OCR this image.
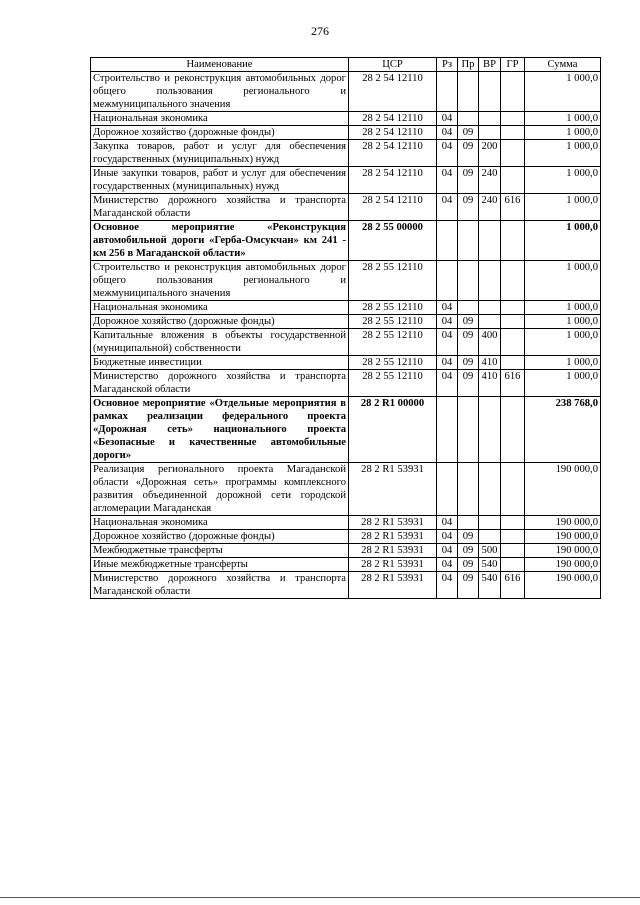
276
Наименование	ЦСР	Рз	Пр	ВР	ГР	Сумма
Строительство и реконструкция автомобильных дорог общего пользования регионального и межмуниципального значения	28 2 54 12110					1 000,0
Национальная экономика	28 2 54 12110	04				1 000,0
Дорожное хозяйство (дорожные фонды)	28 2 54 12110	04	09			1 000,0
Закупка товаров, работ и услуг для обеспечения государственных (муниципальных) нужд	28 2 54 12110	04	09	200		1 000,0
Иные закупки товаров, работ и услуг для обеспечения государственных (муниципальных) нужд	28 2 54 12110	04	09	240		1 000,0
Министерство дорожного хозяйства и транспорта Магаданской области	28 2 54 12110	04	09	240	616	1 000,0
Основное мероприятие «Реконструкция автомобильной дороги «Герба-Омсукчан» км 241 - км 256 в Магаданской области»	28 2 55 00000					1 000,0
Строительство и реконструкция автомобильных дорог общего пользования регионального и межмуниципального значения	28 2 55 12110					1 000,0
Национальная экономика	28 2 55 12110	04				1 000,0
Дорожное хозяйство (дорожные фонды)	28 2 55 12110	04	09			1 000,0
Капитальные вложения в объекты государственной (муниципальной) собственности	28 2 55 12110	04	09	400		1 000,0
Бюджетные инвестиции	28 2 55 12110	04	09	410		1 000,0
Министерство дорожного хозяйства и транспорта Магаданской области	28 2 55 12110	04	09	410	616	1 000,0
Основное мероприятие «Отдельные мероприятия в рамках реализации федерального проекта «Дорожная сеть» национального проекта «Безопасные и качественные автомобильные дороги»	28 2 R1 00000					238 768,0
Реализация регионального проекта Магаданской области «Дорожная сеть» программы комплексного развития объединенной дорожной сети городской агломерации Магаданская	28 2 R1 53931					190 000,0
Национальная экономика	28 2 R1 53931	04				190 000,0
Дорожное хозяйство (дорожные фонды)	28 2 R1 53931	04	09			190 000,0
Межбюджетные трансферты	28 2 R1 53931	04	09	500		190 000,0
Иные межбюджетные трансферты	28 2 R1 53931	04	09	540		190 000,0
Министерство дорожного хозяйства и транспорта Магаданской области	28 2 R1 53931	04	09	540	616	190 000,0
